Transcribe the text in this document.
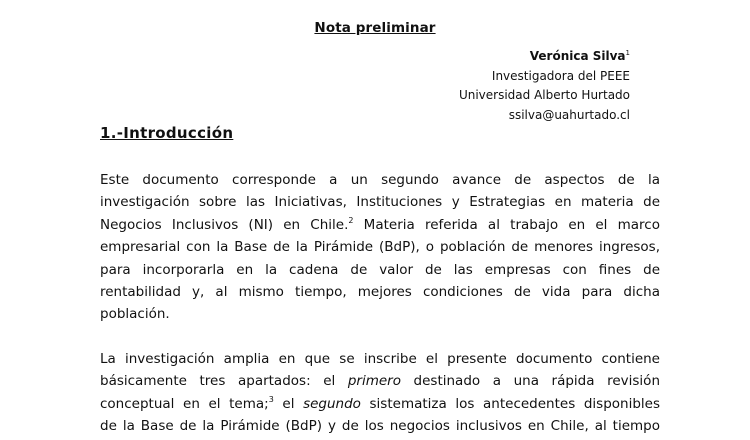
Nota preliminar
Verónica Silva$^1$
Investigadora del PEEE
Universidad Alberto Hurtado
ssilva@uahurtado.cl
1.-Introducción
Este documento corresponde a un segundo avance de aspectos de la
investigación sobre las Iniciativas, Instituciones y Estrategias en materia de
Negocios Inclusivos (NI) en Chile.$^2$ Materia referida al trabajo en el marco
empresarial con la Base de la Pirámide (BdP), o población de menores ingresos,
para incorporarla en la cadena de valor de las empresas con fines de
rentabilidad y, al mismo tiempo, mejores condiciones de vida para dicha
población.
La investigación amplia en que se inscribe el presente documento contiene
básicamente tres apartados: el primero destinado a una rápida revisión
conceptual en el tema;$^3$ el segundo sistematiza los antecedentes disponibles
de la Base de la Pirámide (BdP) y de los negocios inclusivos en Chile, al tiempo
